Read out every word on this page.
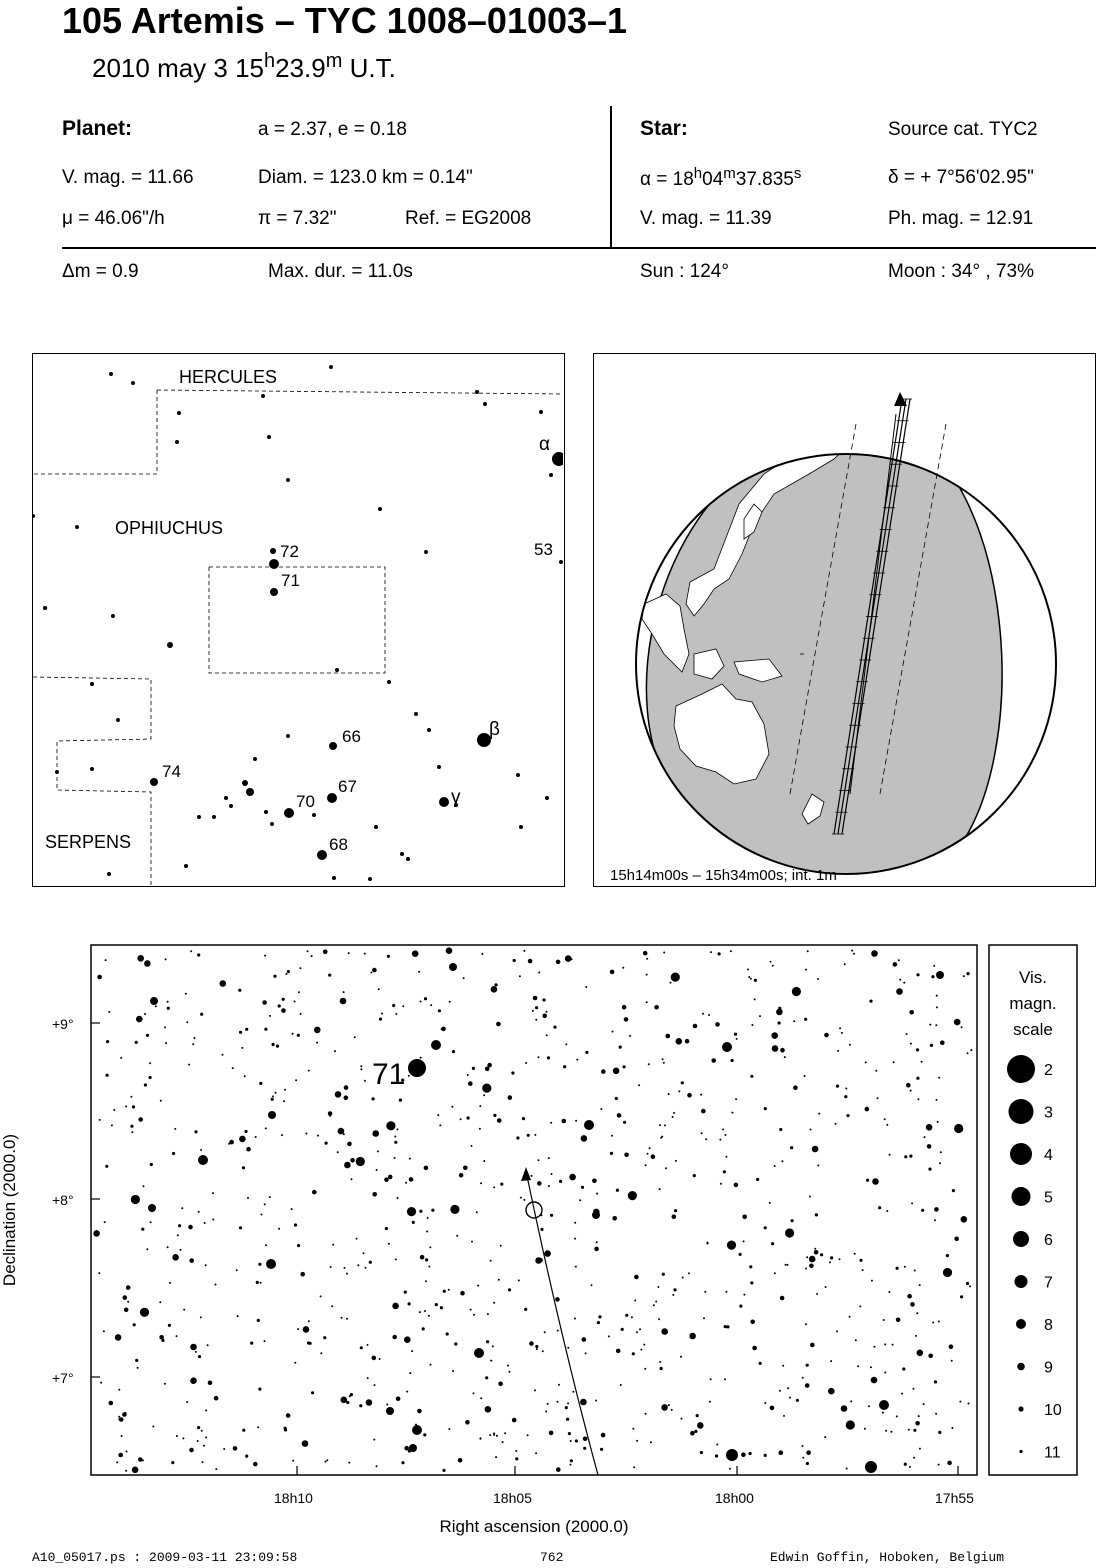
105 Artemis – TYC 1008–01003–1
2010 may 3 15$^h$23.9$^m$ U.T.
Planet:	a = 2.37, e = 0.18
V. mag. = 11.66	Diam. = 123.0 km = 0.14"
μ = 46.06"/h	π = 7.32"	Ref. = EG2008
Star:	Source cat. TYC2
$\alpha = 18^h04^m37.835^s$	δ = + 7°56'02.95"
V. mag. = 11.39	Ph. mag. = 12.91
Δm = 0.9	Max. dur. = 11.0s	Sun : 124°	Moon : 34° , 73%
HERCULES
OPHIUCHUS
SERPENS
72
71
53
66
67
70
74
68
α
β
γ
15h14m00s – 15h34m00s; int. 1m
71
+9°
+8°
+7°
18h10	18h05	18h00	17h55
Right ascension (2000.0)
Declination (2000.0)
Vis.
magn.
scale
2
3
4
5
6
7
8
9
10
11
A10_05017.ps : 2009-03-11 23:09:58	762	Edwin Goffin, Hoboken, Belgium
